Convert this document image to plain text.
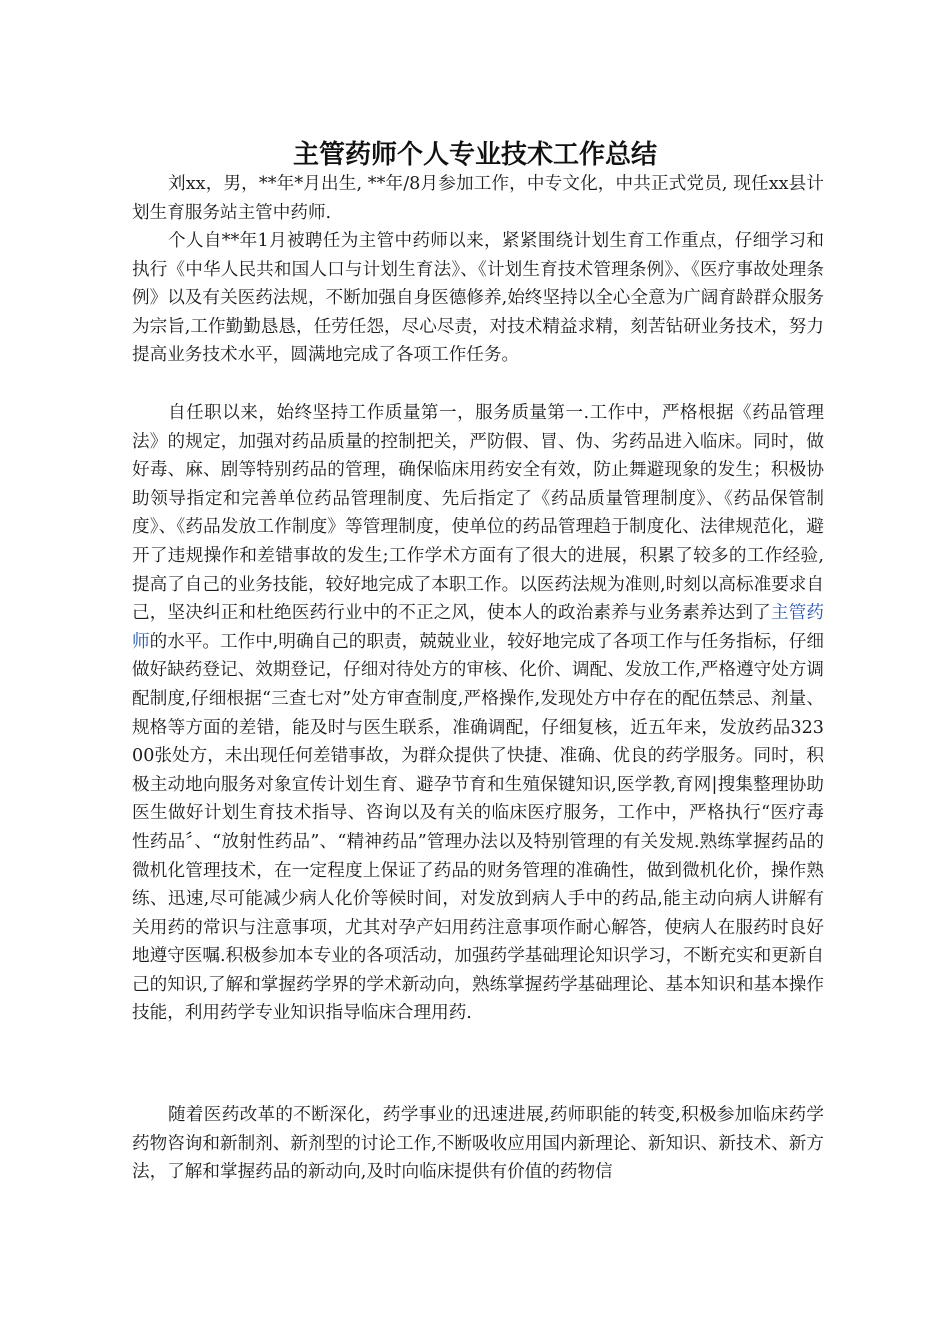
主管药师个人专业技术工作总结

刘xx，男，**年*月出生, **年/8月参加工作，中专文化，中共正式党员, 现任xx县计划生育服务站主管中药师.

个人自**年1月被聘任为主管中药师以来，紧紧围绕计划生育工作重点，仔细学习和执行《中华人民共和国人口与计划生育法》、《计划生育技术管理条例》、《医疗事故处理条例》以及有关医药法规，不断加强自身医德修养,始终坚持以全心全意为广阔育龄群众服务为宗旨,工作勤勤恳恳，任劳任怨，尽心尽责，对技术精益求精，刻苦钻研业务技术，努力提高业务技术水平，圆满地完成了各项工作任务。

自任职以来，始终坚持工作质量第一，服务质量第一.工作中，严格根据《药品管理法》的规定，加强对药品质量的控制把关，严防假、冒、伪、劣药品进入临床。同时，做好毒、麻、剧等特别药品的管理，确保临床用药安全有效，防止舞避现象的发生；积极协助领导指定和完善单位药品管理制度、先后指定了《药品质量管理制度》、《药品保管制度》、《药品发放工作制度》等管理制度，使单位的药品管理趋于制度化、法律规范化，避开了违规操作和差错事故的发生;工作学术方面有了很大的进展，积累了较多的工作经验,提高了自己的业务技能，较好地完成了本职工作。以医药法规为准则,时刻以高标准要求自己，坚决纠正和杜绝医药行业中的不正之风，使本人的政治素养与业务素养达到了主管药师的水平。工作中,明确自己的职责，兢兢业业，较好地完成了各项工作与任务指标，仔细做好缺药登记、效期登记，仔细对待处方的审核、化价、调配、发放工作,严格遵守处方调配制度,仔细根据“三查七对”处方审查制度,严格操作,发现处方中存在的配伍禁忌、剂量、规格等方面的差错，能及时与医生联系，准确调配，仔细复核，近五年来，发放药品32300张处方，未出现任何差错事故，为群众提供了快捷、准确、优良的药学服务。同时，积极主动地向服务对象宣传计划生育、避孕节育和生殖保键知识,医学教,育网|搜集整理协助医生做好计划生育技术指导、咨询以及有关的临床医疗服务，工作中，严格执行“医疗毒性药品〞、“放射性药品”、“精神药品”管理办法以及特别管理的有关发规.熟练掌握药品的微机化管理技术，在一定程度上保证了药品的财务管理的准确性，做到微机化价，操作熟练、迅速,尽可能减少病人化价等候时间，对发放到病人手中的药品,能主动向病人讲解有关用药的常识与注意事项，尤其对孕产妇用药注意事项作耐心解答，使病人在服药时良好地遵守医嘱.积极参加本专业的各项活动，加强药学基础理论知识学习，不断充实和更新自己的知识,了解和掌握药学界的学术新动向，熟练掌握药学基础理论、基本知识和基本操作技能，利用药学专业知识指导临床合理用药.

随着医药改革的不断深化，药学事业的迅速进展,药师职能的转变,积极参加临床药学药物咨询和新制剂、新剂型的讨论工作,不断吸收应用国内新理论、新知识、新技术、新方法，了解和掌握药品的新动向,及时向临床提供有价值的药物信
